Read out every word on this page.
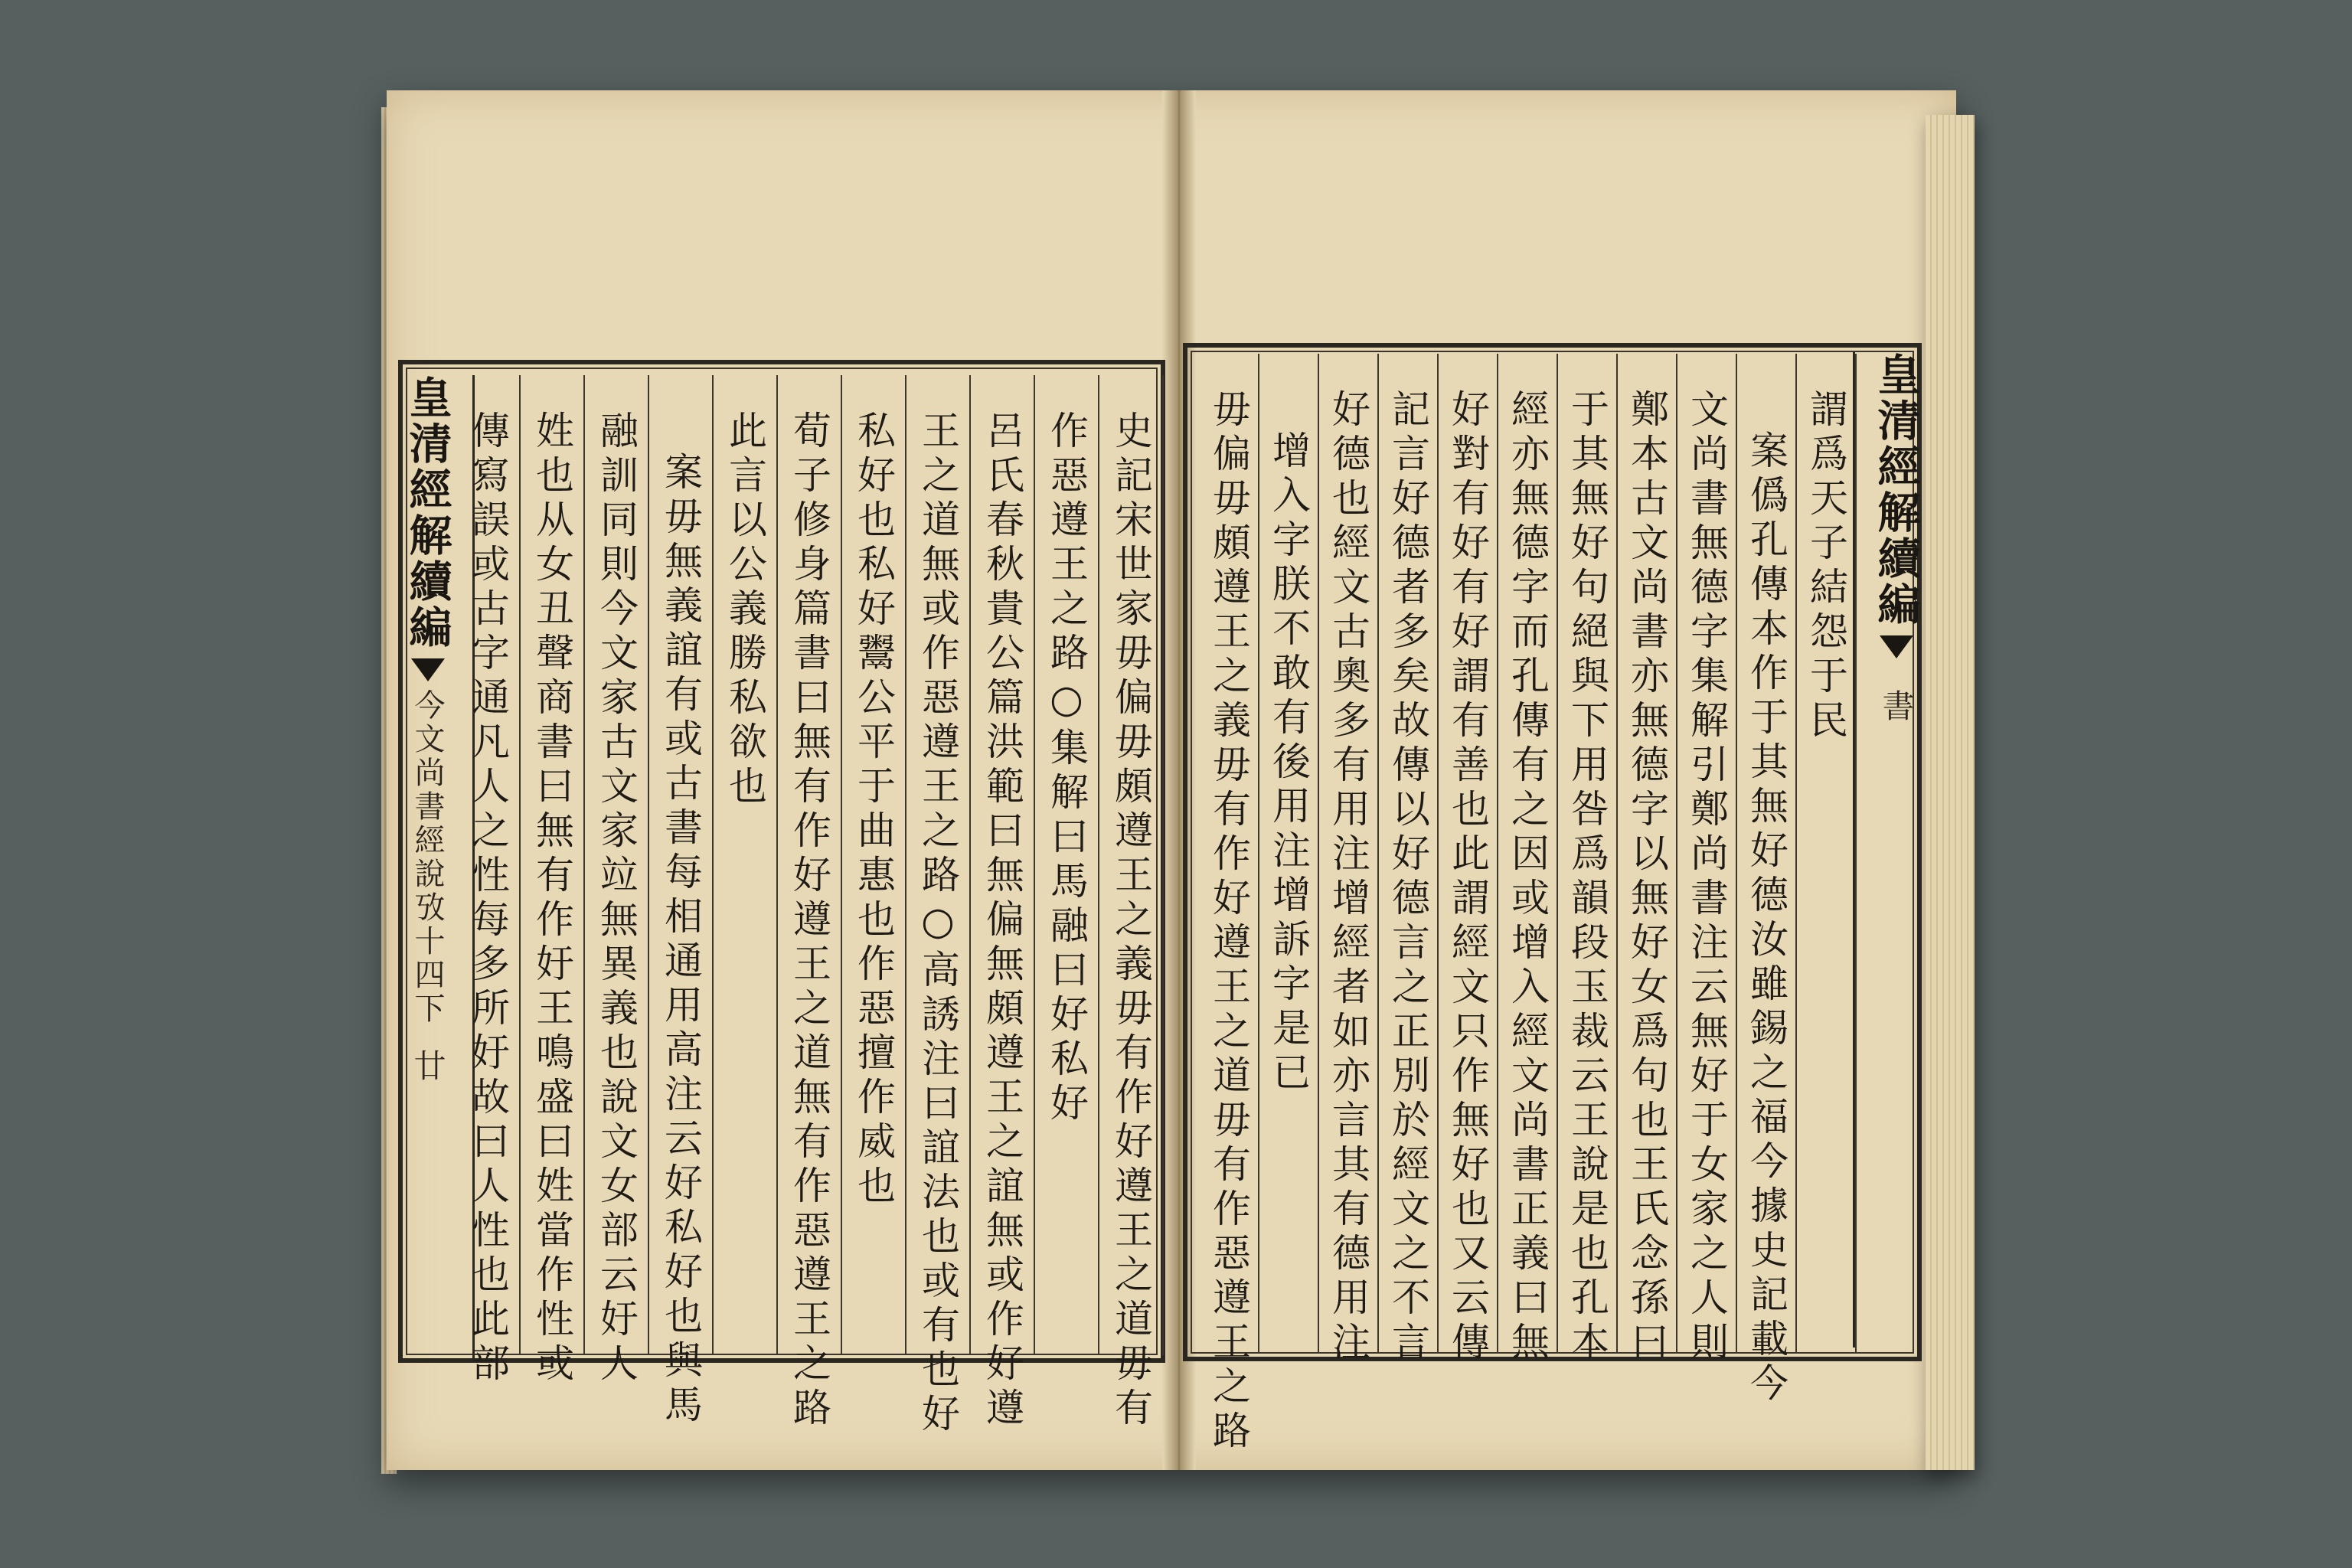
皇清經解續編
今文尚書經說攷十四下
廿	史記宋世家毋偏毋頗遵王之義毋有作好遵王之道毋有
作惡遵王之路○集解曰馬融曰好私好
呂氏春秋貴公篇洪範曰無偏無頗遵王之誼無或作好遵
王之道無或作惡遵王之路○高誘注曰誼法也或有也好
私好也私好鬻公平于曲惠也作惡擅作威也
荀子修身篇書曰無有作好遵王之道無有作惡遵王之路
此言以公義勝私欲也
案毋無義誼有或古書每相通用高注云好私好也與馬
融訓同則今文家古文家竝無異義也說文女部云㚥人
姓也从女丑聲商書曰無有作㚥王鳴盛曰姓當作性或
傳寫誤或古字通凡人之性每多所㚥故曰人性也此部	皇清經解續編
書
謂爲天子結怨于民
案僞孔傳本作于其無好德汝雖錫之福今據史記載今
文尚書無德字集解引鄭尚書注云無好于女家之人則
鄭本古文尚書亦無德字以無好女爲句也王氏念孫曰
于其無好句絕與下用咎爲韻段玉裁云王說是也孔本
經亦無德字而孔傳有之因或增入經文尚書正義曰無
好對有好有好謂有善也此謂經文只作無好也又云傳
記言好德者多矣故傳以好德言之正別於經文之不言
好德也經文古奧多有用注增經者如亦言其有德用注
增入字朕不敢有後用注增訴字是已
毋偏毋頗遵王之義毋有作好遵王之道毋有作惡遵王之路
